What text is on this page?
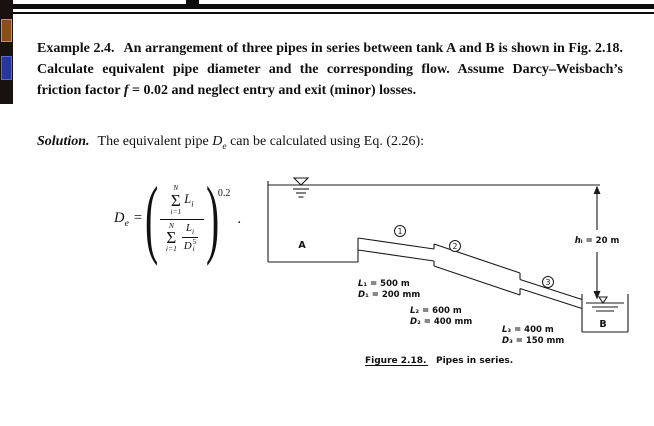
Example 2.4. An arrangement of three pipes in series between tank A and B is shown in Fig. 2.18. Calculate equivalent pipe diameter and the corresponding flow. Assume Darcy–Weisbach’s friction factor f = 0.02 and neglect entry and exit (minor) losses.

Solution. The equivalent pipe $D_e$ can be calculated using Eq. (2.26):

$D_e$ = ( N
Σ
i=1
$L_i$
N
Σ
i=1 $L_i$
D 5
i ) 0.2
.
1
2
3
A
B
hₗ = 20 m
L₁ = 500 m
D₁ = 200 mm
L₂ = 600 m
D₂ = 400 mm
L₃ = 400 m
D₃ = 150 mm
Figure 2.18. Pipes in series.
